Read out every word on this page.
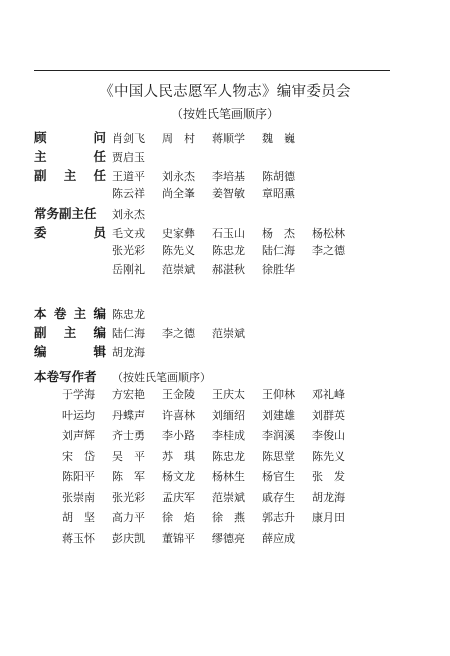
《中国人民志愿军人物志》编审委员会
（按姓氏笔画顺序）
顾	问 肖剑飞	周　村	蒋顺学	魏　巍
主	任 贾启玉
副 主 任 王道平	刘永杰	李培基	陈胡德
陈云祥	尚全峯	姜智敏	章昭熏
常务副主任 刘永杰
委	员 毛文戎	史家彝	石玉山	杨　杰	杨松林
张光彩	陈先义	陈忠龙	陆仁海	李之德
岳刚礼	范崇斌	郝湛秋	徐胜华
本 卷 主 编 陈忠龙
副 主 编 陆仁海	李之德	范崇斌
编	辑 胡龙海
本卷写作者	（按姓氏笔画顺序）
于学海	方宏艳	王金陵	王庆太	王仰林	邓礼峰
叶运均	丹蝶声	许喜林	刘缅绍	刘建雄	刘群英
刘声辉	齐士勇	李小路	李桂成	李润溪	李俊山
宋　岱	吴　平	苏　琪	陈忠龙	陈思堂	陈先义
陈阳平	陈　军	杨文龙	杨林生	杨官生	张　发
张崇南	张光彩	孟庆军	范崇斌	戚存生	胡龙海
胡　坚	高力平	徐　焰	徐　燕	郭志升	康月田
蒋玉怀	彭庆凯	董锦平	缪德亮	薛应成
